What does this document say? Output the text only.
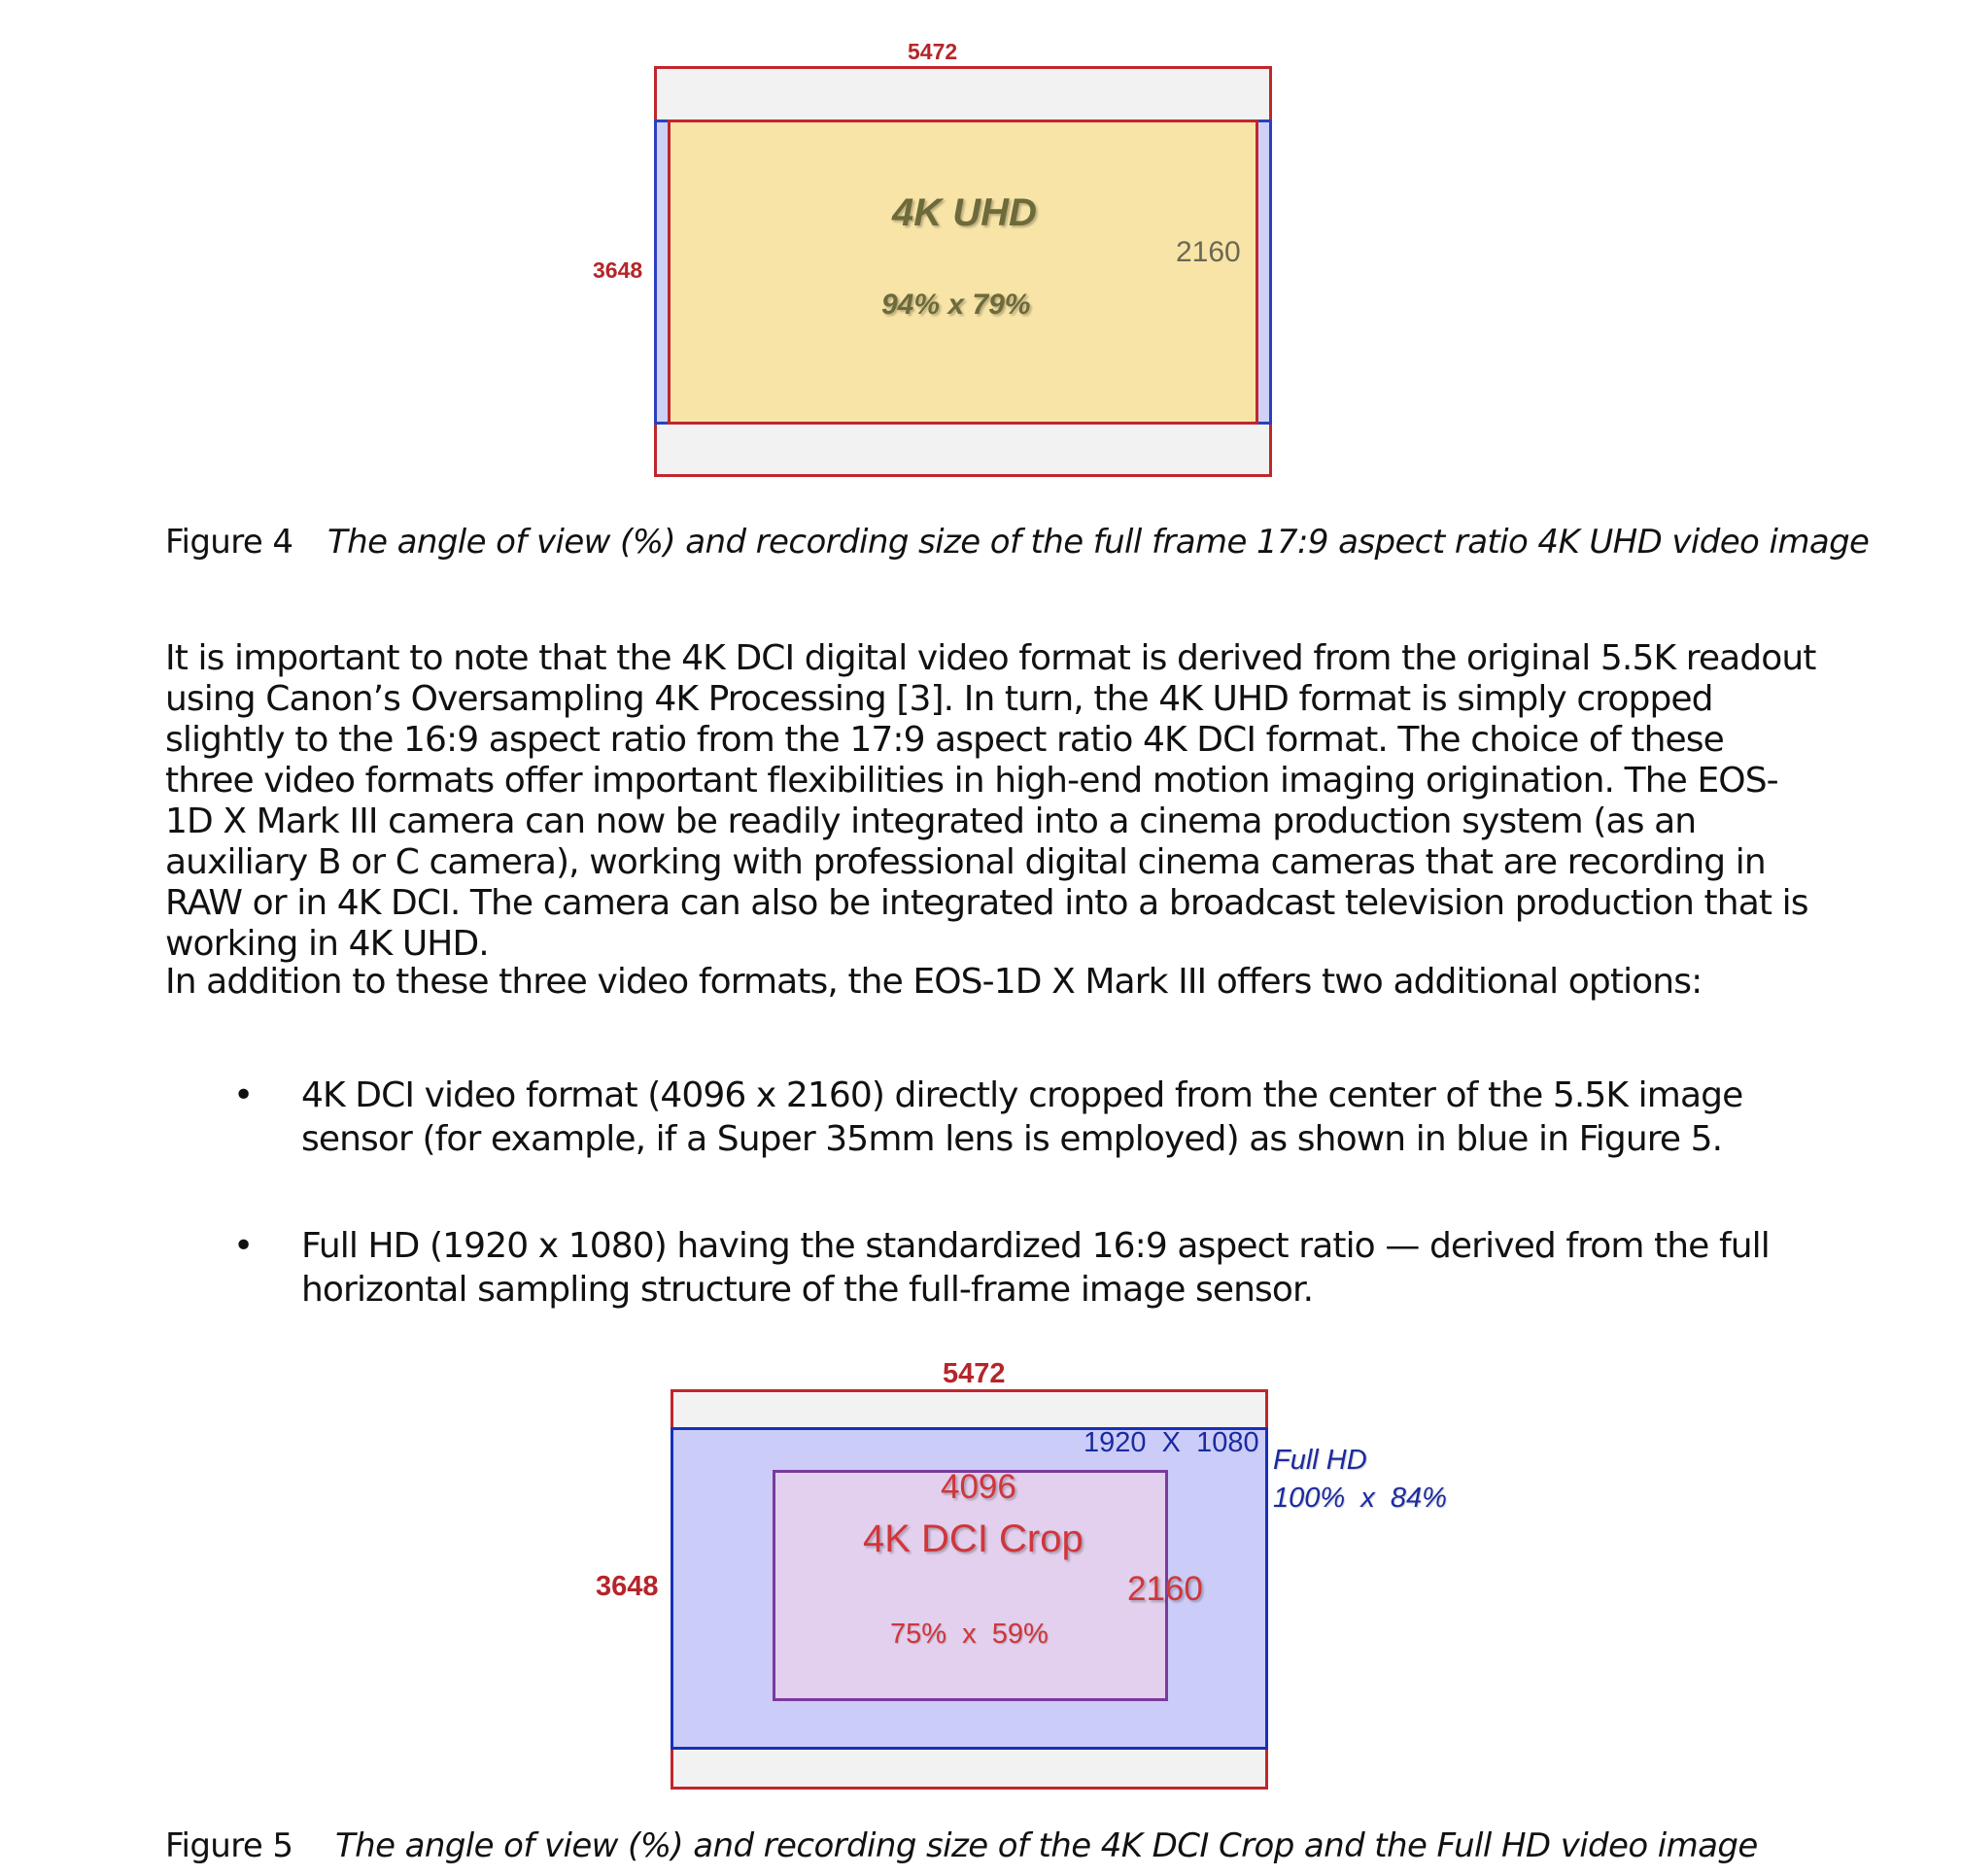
5472
3648
4K UHD
2160
94% x 79%
Figure 4 The angle of view (%) and recording size of the full frame 17:9 aspect ratio 4K UHD video image

It is important to note that the 4K DCI digital video format is derived from the original 5.5K readout using Canon’s Oversampling 4K Processing [3]. In turn, the 4K UHD format is simply cropped slightly to the 16:9 aspect ratio from the 17:9 aspect ratio 4K DCI format. The choice of these three video formats offer important flexibilities in high-end motion imaging origination. The EOS-1D X Mark III camera can now be readily integrated into a cinema production system (as an auxiliary B or C camera), working with professional digital cinema cameras that are recording in RAW or in 4K DCI. The camera can also be integrated into a broadcast television production that is working in 4K UHD.

In addition to these three video formats, the EOS-1D X Mark III offers two additional options:

• 4K DCI video format (4096 x 2160) directly cropped from the center of the 5.5K image sensor (for example, if a Super 35mm lens is employed) as shown in blue in Figure 5.
• Full HD (1920 x 1080) having the standardized 16:9 aspect ratio — derived from the full horizontal sampling structure of the full-frame image sensor.
5472
1920  X  1080
Full HD
100%  x  84%
4096
4K DCI Crop
2160
3648
75%  x  59%
Figure 5 The angle of view (%) and recording size of the 4K DCI Crop and the Full HD video image
